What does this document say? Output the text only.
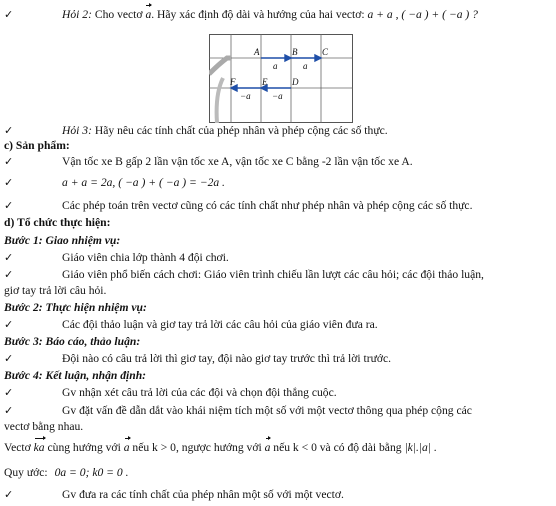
✓	Hỏi 2: Cho vectơ a. Hãy xác định độ dài và hướng của hai vectơ: a + a , ( −a ) + ( −a ) ?
A	B	C
F	E	D
a	a
−a −a
✓	Hỏi 3: Hãy nêu các tính chất của phép nhân và phép cộng các số thực.
c) Sản phẩm:
✓	Vận tốc xe B gấp 2 lần vận tốc xe A, vận tốc xe C bằng -2 lần vận tốc xe A.
✓	a + a = 2a, ( −a ) + ( −a ) = −2a .
✓	Các phép toán trên vectơ cũng có các tính chất như phép nhân và phép cộng các số thực.
d) Tổ chức thực hiện:
Bước 1: Giao nhiệm vụ:
✓	Giáo viên chia lớp thành 4 đội chơi.
✓	Giáo viên phổ biến cách chơi: Giáo viên trình chiếu lần lượt các câu hỏi; các đội thảo luận,
giơ tay trả lời câu hỏi.
Bước 2: Thực hiện nhiệm vụ:
✓	Các đội thảo luận và giơ tay trả lời các câu hỏi của giáo viên đưa ra.
Bước 3: Báo cáo, thảo luận:
✓	Đội nào có câu trả lời thì giơ tay, đội nào giơ tay trước thì trả lời trước.
Bước 4: Kết luận, nhận định:
✓	Gv nhận xét câu trả lời của các đội và chọn đội thắng cuộc.
✓	Gv đặt vấn đề dẫn dắt vào khái niệm tích một số với một vectơ thông qua phép cộng các
vectơ bằng nhau.
Vectơ ka cùng hướng với a nếu k > 0, ngược hướng với a nếu k < 0 và có độ dài bằng |k|.|a| .
Quy ước: 0a = 0; k0 = 0 .
✓	Gv đưa ra các tính chất của phép nhân một số với một vectơ.
